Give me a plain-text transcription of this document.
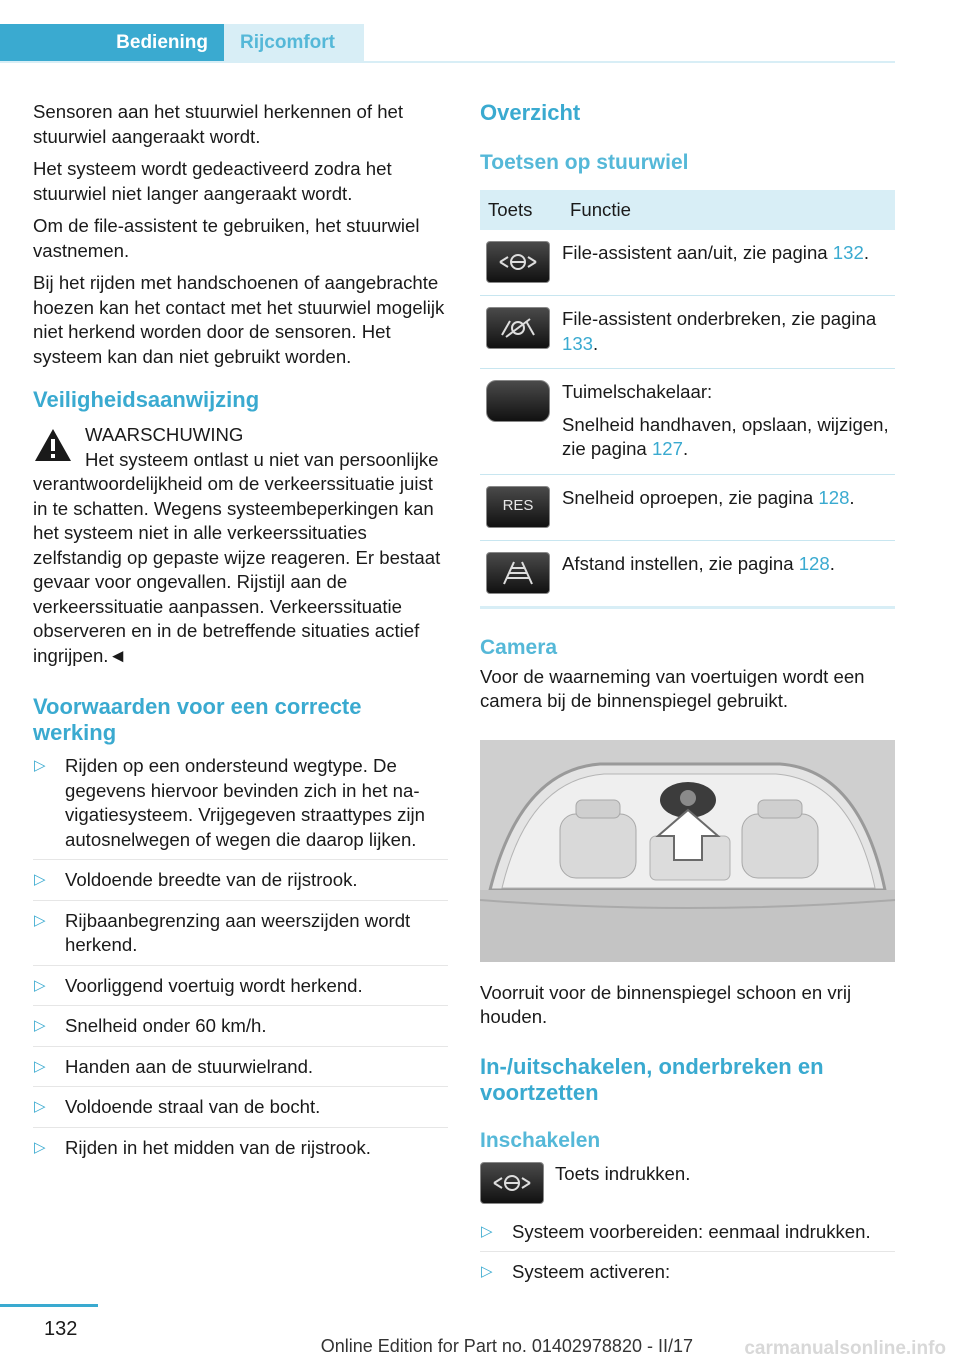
Bediening Rijcomfort

Sensoren aan het stuurwiel herkennen of het stuurwiel aangeraakt wordt.

Het systeem wordt gedeactiveerd zodra het stuurwiel niet langer aangeraakt wordt.

Om de file-assistent te gebruiken, het stuurwiel vastnemen.

Bij het rijden met handschoenen of aangebrachte hoezen kan het contact met het stuurwiel mogelijk niet herkend worden door de sensoren. Het systeem kan dan niet gebruikt worden.

Veiligheidsaanwijzing
WAARSCHUWING
Het systeem ontlast u niet van persoonlijke verantwoordelijkheid om de verkeerssituatie juist in te schatten. Wegens systeembeperkingen kan het systeem niet in alle verkeerssituaties zelfstandig op gepaste wijze reageren. Er bestaat gevaar voor ongevallen. Rijstijl aan de verkeerssituatie aanpassen. Verkeerssituatie observeren en in de betreffende situaties actief ingrijpen.◄
Voorwaarden voor een correcte werking
▷ Rijden op een ondersteund wegtype. De gegevens hiervoor bevinden zich in het navigatiesysteem. Vrijgegeven straattypes zijn autosnelwegen of wegen die daarop lijken.
▷ Voldoende breedte van de rijstrook.
▷ Rijbaanbegrenzing aan weerszijden wordt herkend.
▷ Voorliggend voertuig wordt herkend.
▷ Snelheid onder 60 km/h.
▷ Handen aan de stuurwielrand.
▷ Voldoende straal van de bocht.
▷ Rijden in het midden van de rijstrook.
Overzicht
Toetsen op stuurwiel
Toets	Functie

	File-assistent aan/uit, zie pagina 132.

	File-assistent onderbreken, zie pagina 133.

	Tuimelschakelaar:
Snelheid handhaven, opslaan, wijzigen, zie pagina 127.

RES	Snelheid oproepen, zie pagina 128.

	Afstand instellen, zie pagina 128.
Camera

Voor de waarneming van voertuigen wordt een camera bij de binnenspiegel gebruikt.

Voorruit voor de binnenspiegel schoon en vrij houden.

In-/uitschakelen, onderbreken en voortzetten
Inschakelen
Toets indrukken.
▷ Systeem voorbereiden: eenmaal indrukken.
▷ Systeem activeren:
132
Online Edition for Part no. 01402978820 - II/17	carmanualsonline.info
